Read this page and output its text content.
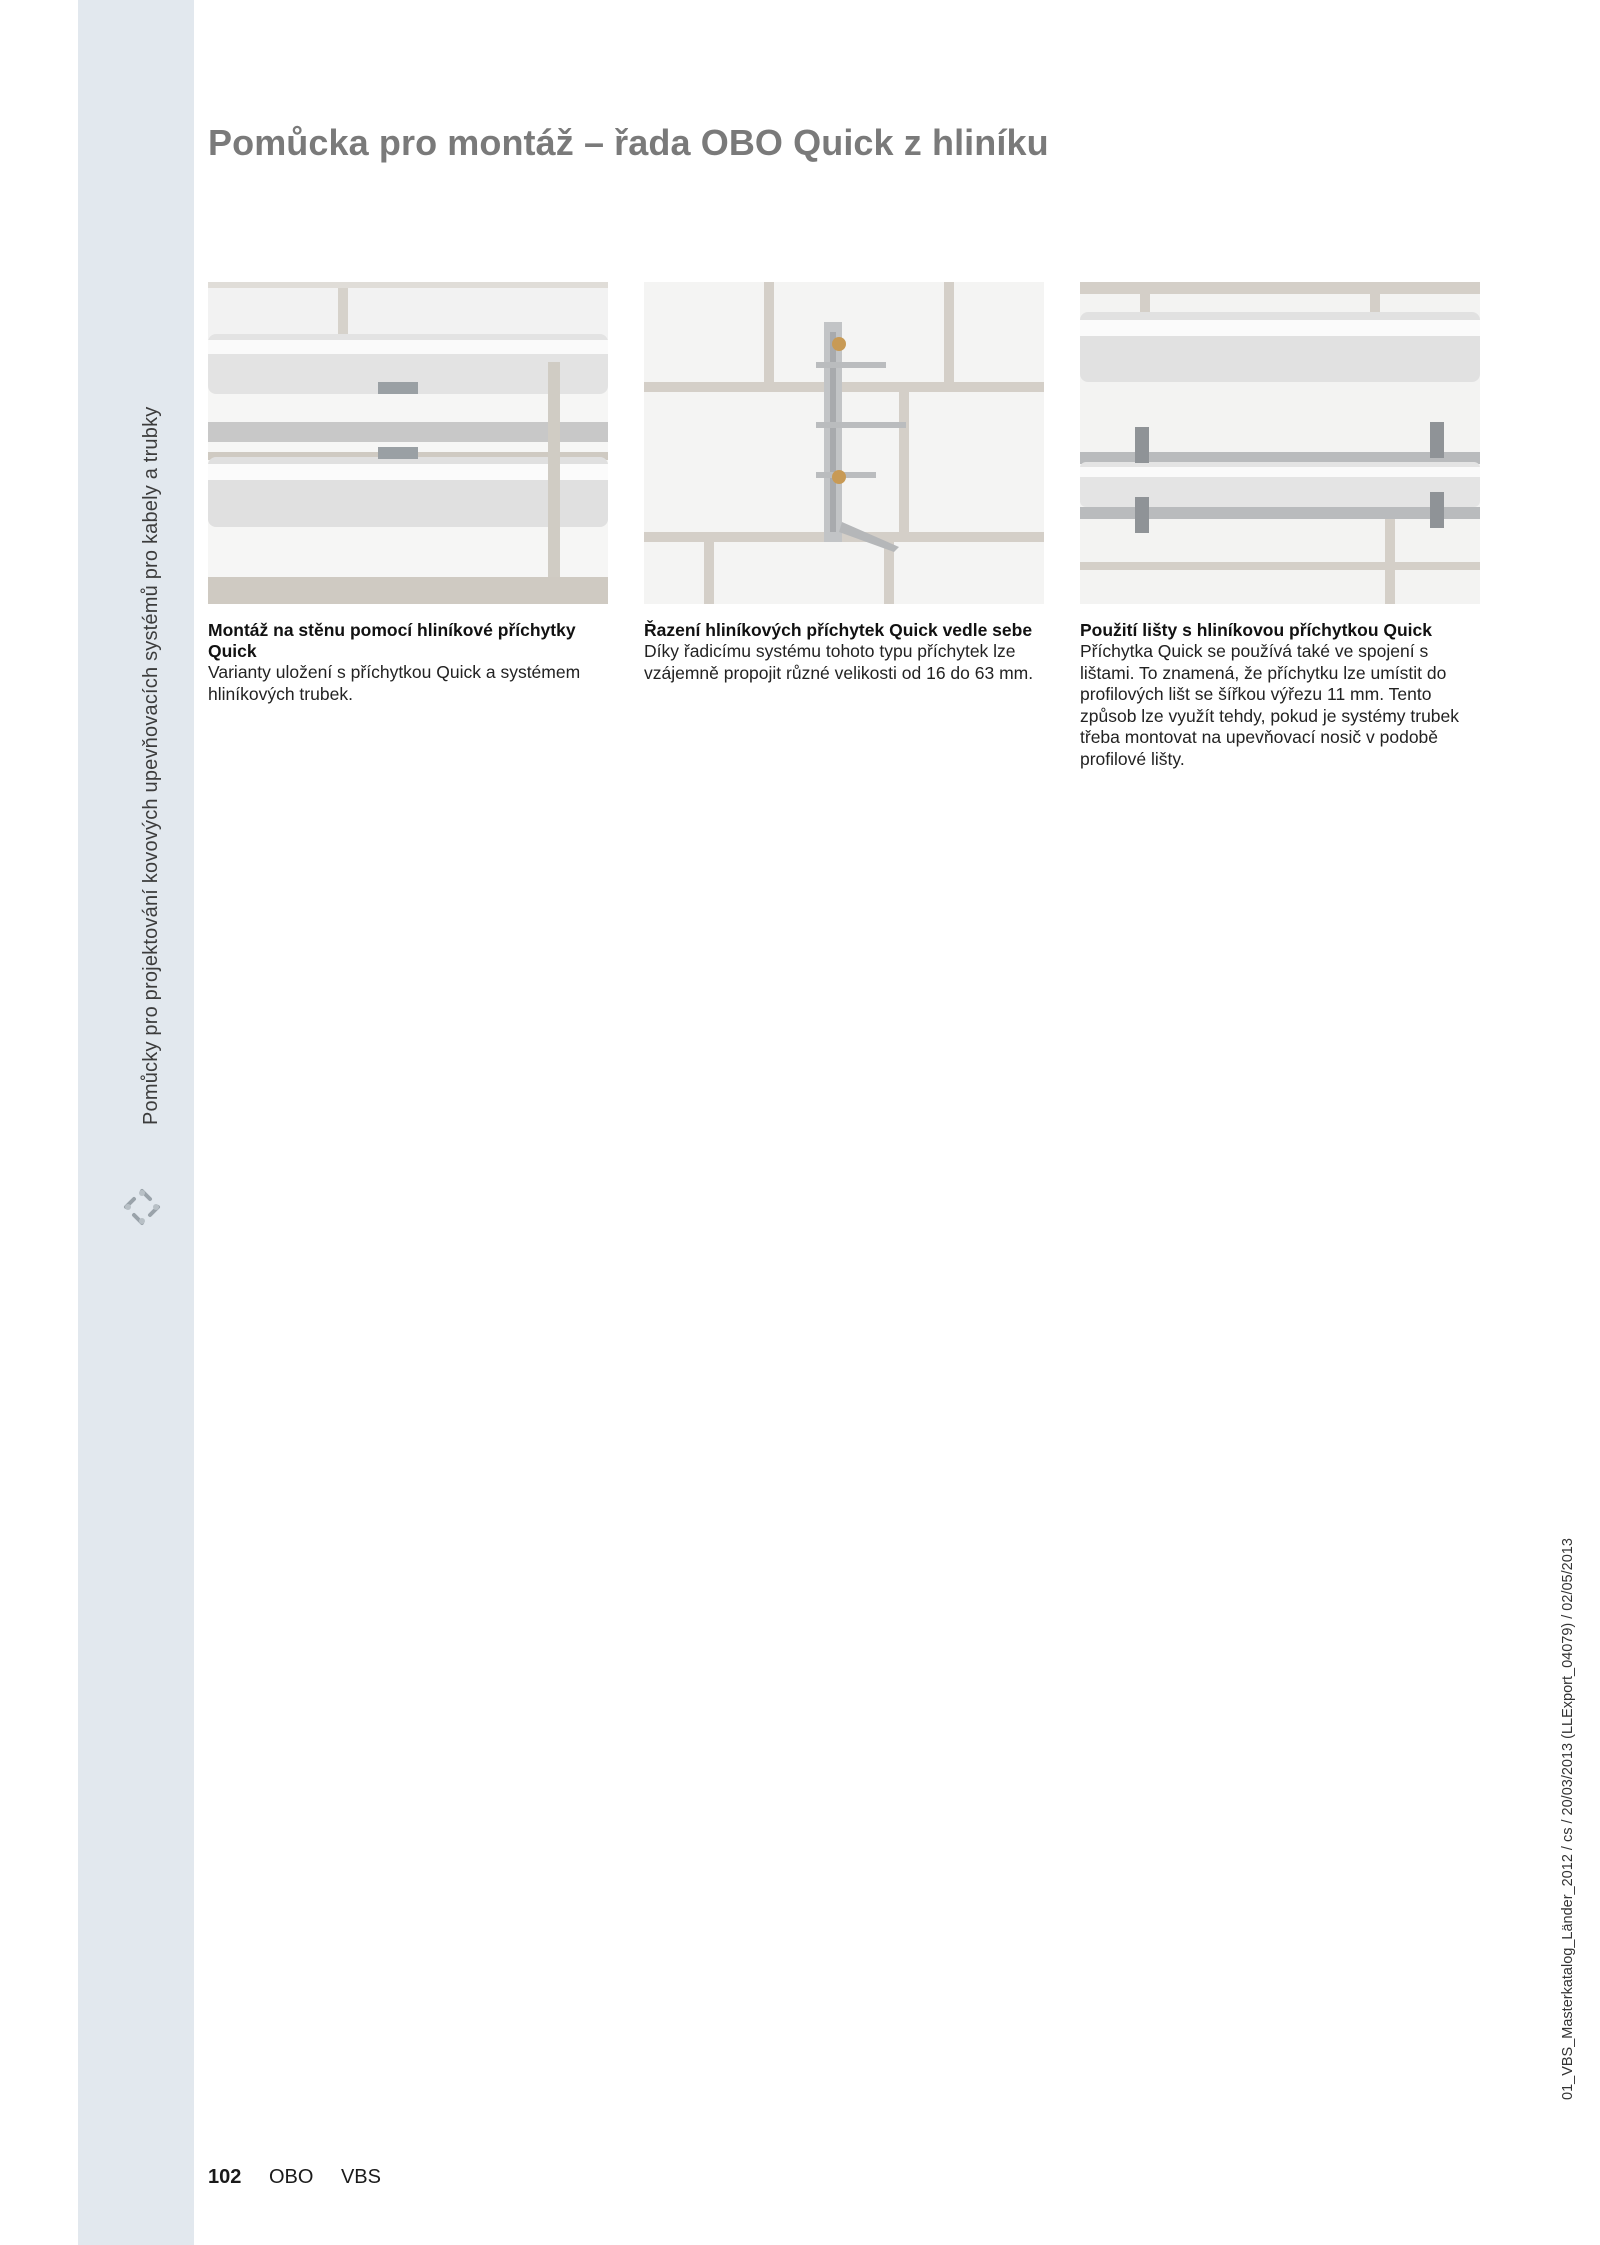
Pomůcky pro projektování kovových upevňovacích systémů pro kabely a trubky
Pomůcka pro montáž – řada OBO Quick z hliníku
Montáž na stěnu pomocí hliníkové příchytky Quick
Varianty uložení s příchytkou Quick a systémem hliníkových trubek.
Řazení hliníkových příchytek Quick vedle sebe
Díky řadicímu systému tohoto typu příchytek lze vzájemně propojit různé velikosti od 16 do 63 mm.
Použití lišty s hliníkovou příchytkou Quick
Příchytka Quick se používá také ve spojení s lištami. To znamená, že příchytku lze umístit do profilových lišt se šířkou výřezu 11 mm. Tento způsob lze využít tehdy, pokud je systémy trubek třeba montovat na upevňovací nosič v podobě profilové lišty.
102 OBO VBS
01_VBS_Masterkatalog_Länder_2012 / cs / 20/03/2013 (LLExport_04079) / 02/05/2013
